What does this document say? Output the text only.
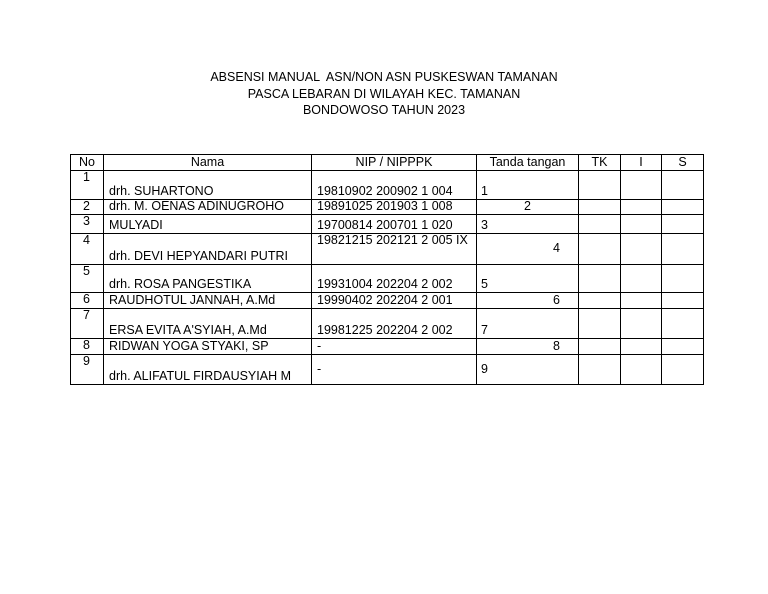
ABSENSI MANUAL  ASN/NON ASN PUSKESWAN TAMANAN
PASCA LEBARAN DI WILAYAH KEC. TAMANAN
BONDOWOSO TAHUN 2023
No	Nama	NIP / NIPPPK	Tanda tangan	TK	I	S
1	drh. SUHARTONO	19810902 200902 1 004	1			
2	drh. M. OENAS ADINUGROHO	19891025 201903 1 008	2			
3	MULYADI	19700814 200701 1 020	3			
4	drh. DEVI HEPYANDARI PUTRI	19821215 202121 2 005 IX	4			
5	drh. ROSA PANGESTIKA	19931004 202204 2 002	5			
6	RAUDHOTUL JANNAH, A.Md	19990402 202204 2 001	6			
7	ERSA EVITA A'SYIAH, A.Md	19981225 202204 2 002	7			
8	RIDWAN YOGA STYAKI, SP	-	8			
9	drh. ALIFATUL FIRDAUSYIAH M	-	9			
